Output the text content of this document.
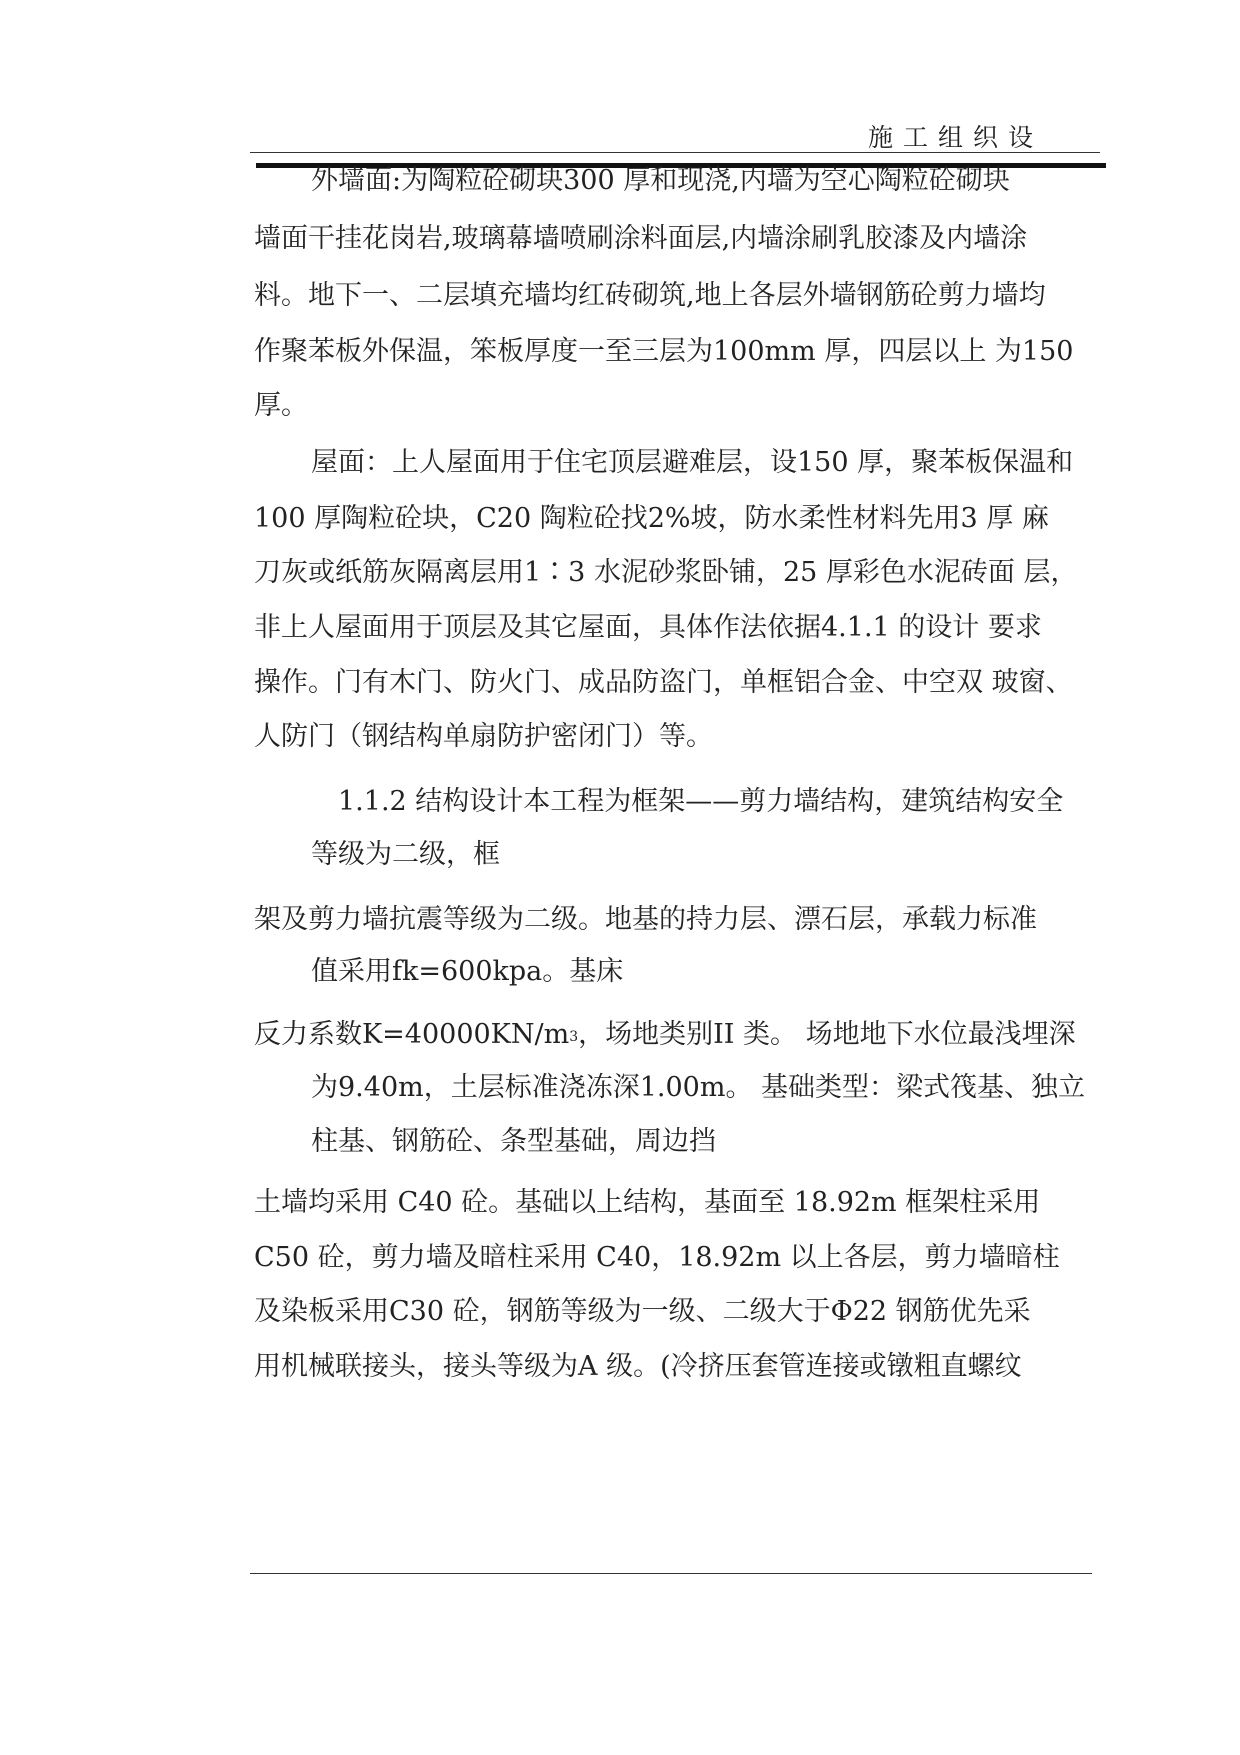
施工组织设
外墙面:为陶粒砼砌块300 厚和现浇,内墙为空心陶粒砼砌块
墙面干挂花岗岩,玻璃幕墙喷刷涂料面层,内墙涂刷乳胶漆及内墙涂
料。地下一、二层填充墙均红砖砌筑,地上各层外墙钢筋砼剪力墙均
作聚苯板外保温，笨板厚度一至三层为100mm 厚，四层以上 为150
厚。
屋面：上人屋面用于住宅顶层避难层，设150 厚，聚苯板保温和
100 厚陶粒砼块，C20 陶粒砼找2%坡，防水柔性材料先用3 厚 麻
刀灰或纸筋灰隔离层用1∶3 水泥砂浆卧铺，25 厚彩色水泥砖面 层，
非上人屋面用于顶层及其它屋面，具体作法依据4.1.1 的设计 要求
操作。门有木门、防火门、成品防盗门，单框铝合金、中空双 玻窗、
人防门（钢结构单扇防护密闭门）等。
1.1.2 结构设计本工程为框架——剪力墙结构，建筑结构安全
等级为二级，框
架及剪力墙抗震等级为二级。地基的持力层、漂石层，承载力标准
值采用fk=600kpa。基床
反力系数$K=40000KN/m^3$，场地类别II 类。 场地地下水位最浅埋深
为9.40m，土层标准浇冻深1.00m。 基础类型：梁式筏基、独立
柱基、钢筋砼、条型基础，周边挡
土墙均采用 C40 砼。基础以上结构，基面至 18.92m 框架柱采用
C50 砼，剪力墙及暗柱采用 C40，18.92m 以上各层，剪力墙暗柱
及染板采用C30 砼，钢筋等级为一级、二级大于Φ22 钢筋优先采
用机械联接头，接头等级为A 级。(冷挤压套管连接或镦粗直螺纹
